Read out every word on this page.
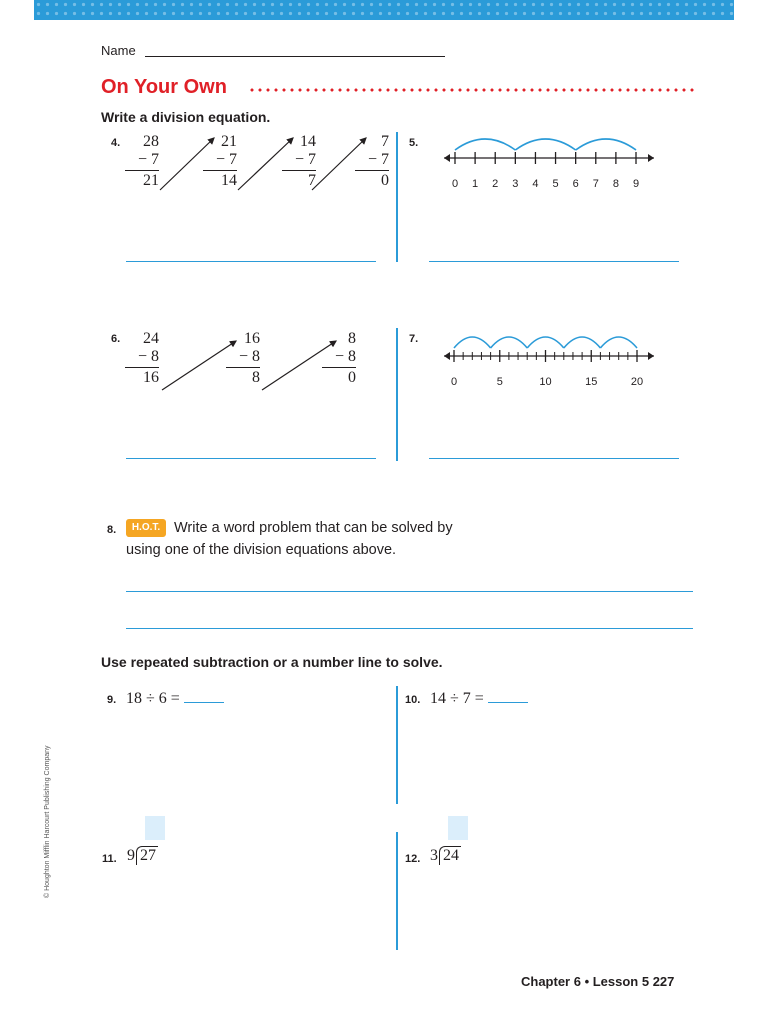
Name
On Your Own
Write a division equation.
4.	28
− 7
21
21
− 7
14
14
− 7
7
7
− 7
0
5.
0 1 2 3 4 5 6 7 8 9
6.	24
− 8
16
16
− 8
8
8
− 8
0
7.
0	5	10	15	20
8.	H.O.T. Write a word problem that can be solved by
using one of the division equations above.
Use repeated subtraction or a number line to solve.
9. 18 ÷ 6 =	10. 14 ÷ 7 =
11. 9 27	12. 3 24
© Houghton Mifflin Harcourt Publishing Company
Chapter 6 • Lesson 5 227
